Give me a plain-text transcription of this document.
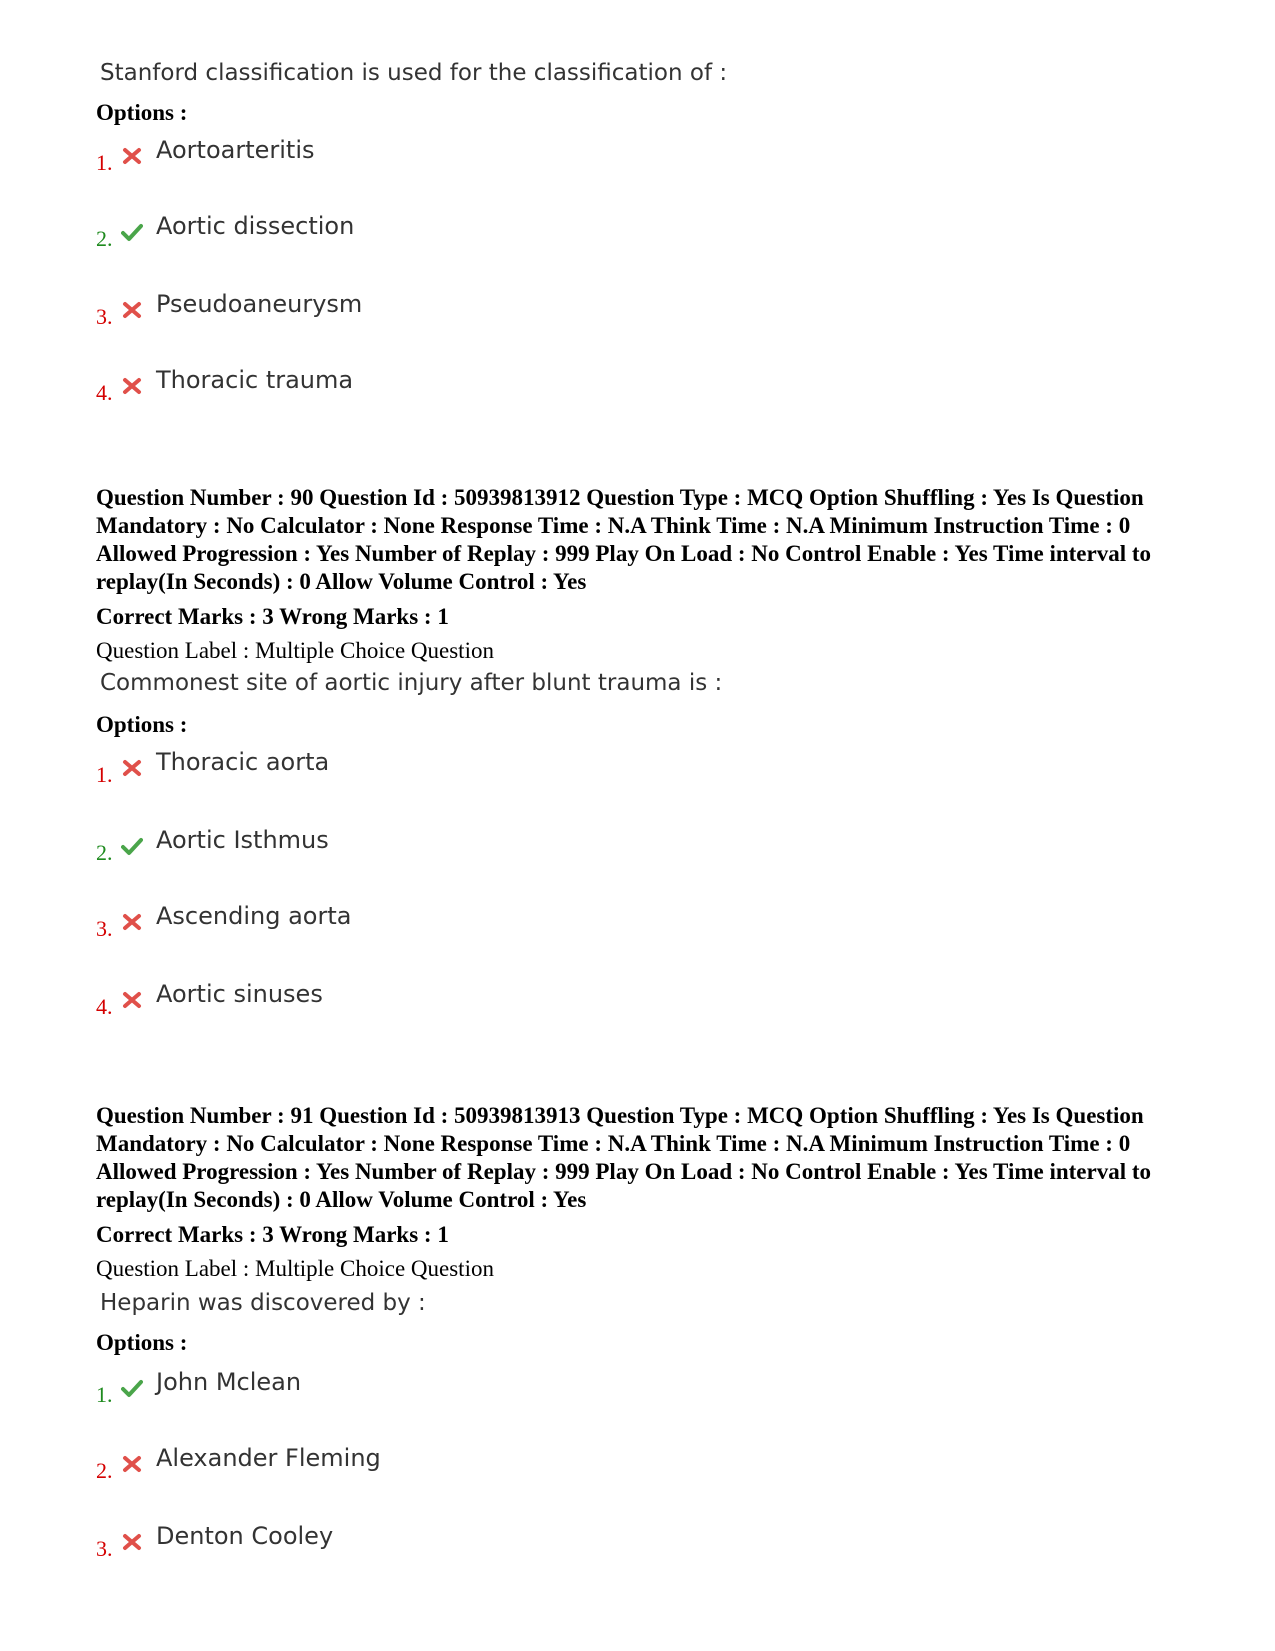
Stanford classification is used for the classification of :
Options :
1. Aortoarteritis
2. Aortic dissection
3. Pseudoaneurysm
4. Thoracic trauma
Question Number : 90 Question Id : 50939813912 Question Type : MCQ Option Shuffling : Yes Is Question Mandatory : No Calculator : None Response Time : N.A Think Time : N.A Minimum Instruction Time : 0 Allowed Progression : Yes Number of Replay : 999 Play On Load : No Control Enable : Yes Time interval to replay(In Seconds) : 0 Allow Volume Control : Yes
Correct Marks : 3 Wrong Marks : 1
Question Label : Multiple Choice Question
Commonest site of aortic injury after blunt trauma is :
Options :
1. Thoracic aorta
2. Aortic Isthmus
3. Ascending aorta
4. Aortic sinuses
Question Number : 91 Question Id : 50939813913 Question Type : MCQ Option Shuffling : Yes Is Question Mandatory : No Calculator : None Response Time : N.A Think Time : N.A Minimum Instruction Time : 0 Allowed Progression : Yes Number of Replay : 999 Play On Load : No Control Enable : Yes Time interval to replay(In Seconds) : 0 Allow Volume Control : Yes
Correct Marks : 3 Wrong Marks : 1
Question Label : Multiple Choice Question
Heparin was discovered by :
Options :
1. John Mclean
2. Alexander Fleming
3. Denton Cooley
